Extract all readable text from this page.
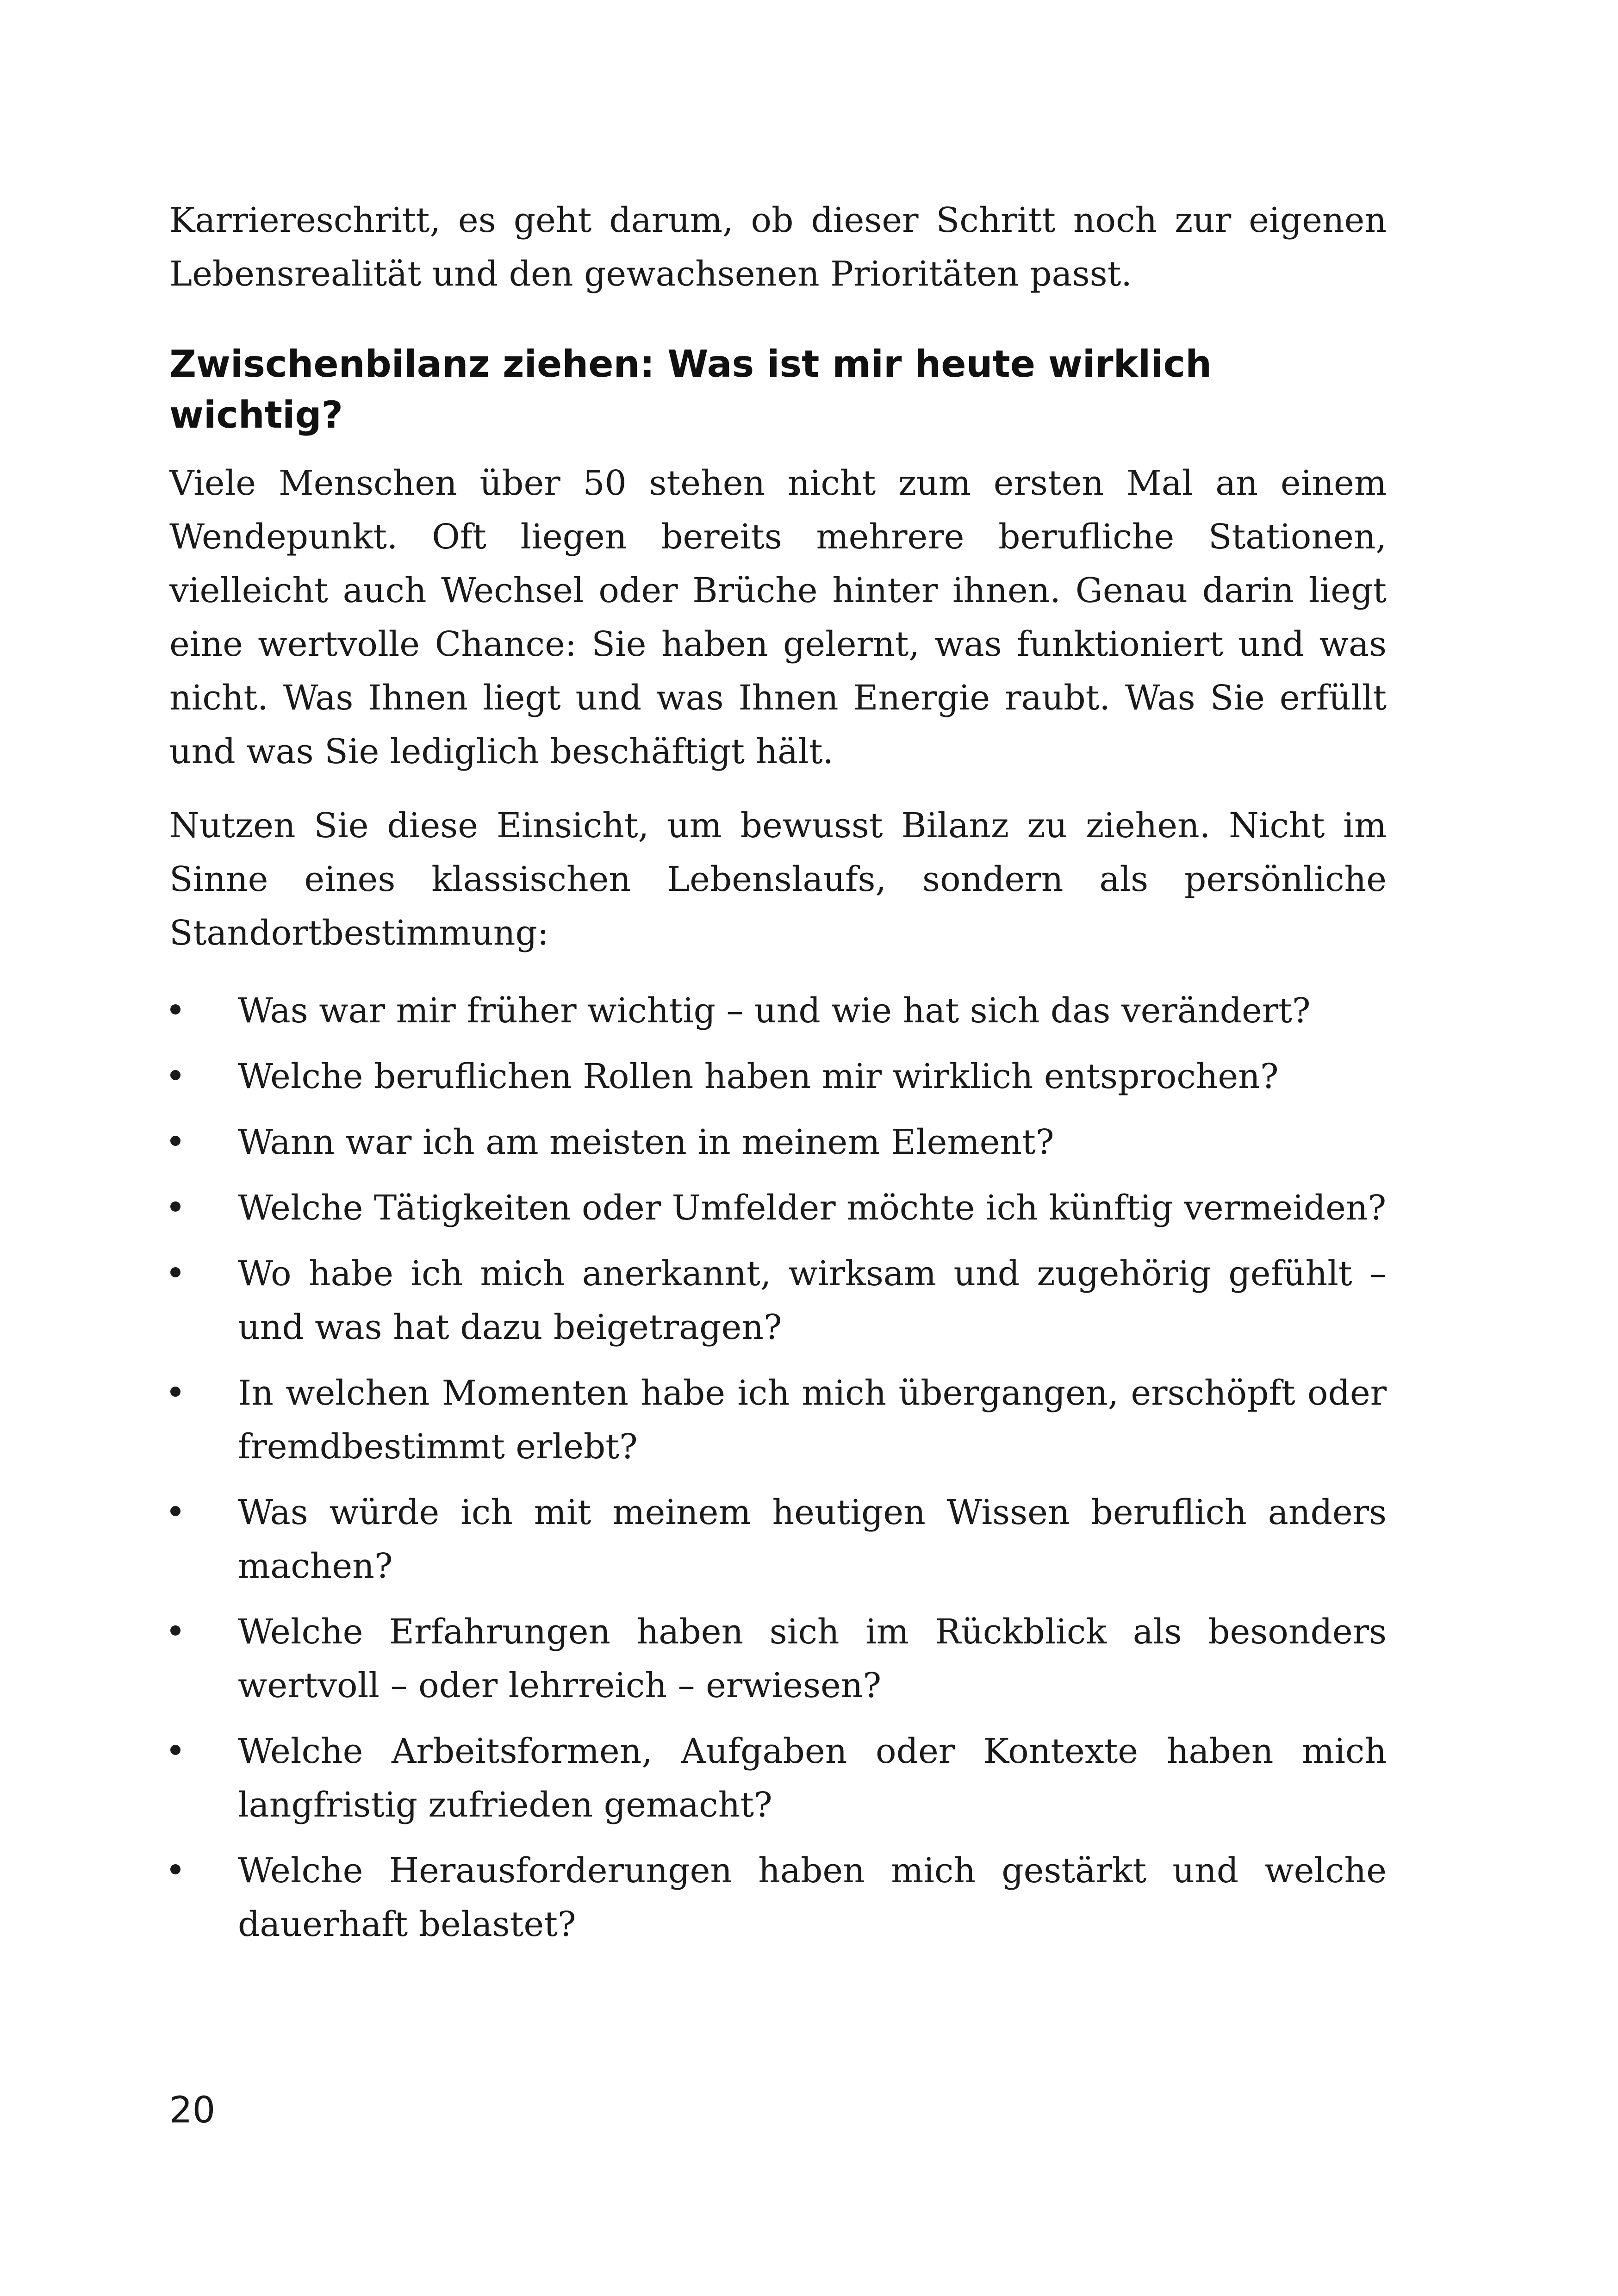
Karriereschritt, es geht darum, ob dieser Schritt noch zur eigenen Lebensrealität und den gewachsenen Prioritäten passt.

Zwischenbilanz ziehen: Was ist mir heute wirklich wichtig?

Viele Menschen über 50 stehen nicht zum ersten Mal an einem Wendepunkt. Oft liegen bereits mehrere berufliche Stationen, vielleicht auch Wechsel oder Brüche hinter ihnen. Genau darin liegt eine wertvolle Chance: Sie haben gelernt, was funktioniert und was nicht. Was Ihnen liegt und was Ihnen Energie raubt. Was Sie erfüllt und was Sie lediglich beschäftigt hält.

Nutzen Sie diese Einsicht, um bewusst Bilanz zu ziehen. Nicht im Sinne eines klassischen Lebenslaufs, sondern als persönliche Standortbestimmung:

Was war mir früher wichtig – und wie hat sich das verändert?
Welche beruflichen Rollen haben mir wirklich entsprochen?
Wann war ich am meisten in meinem Element?
Welche Tätigkeiten oder Umfelder möchte ich künftig vermeiden?
Wo habe ich mich anerkannt, wirksam und zugehörig gefühlt – und was hat dazu beigetragen?
In welchen Momenten habe ich mich übergangen, erschöpft oder fremdbestimmt erlebt?
Was würde ich mit meinem heutigen Wissen beruflich anders machen?
Welche Erfahrungen haben sich im Rückblick als besonders wertvoll – oder lehrreich – erwiesen?
Welche Arbeitsformen, Aufgaben oder Kontexte haben mich langfristig zufrieden gemacht?
Welche Herausforderungen haben mich gestärkt und welche dauerhaft belastet?
20
